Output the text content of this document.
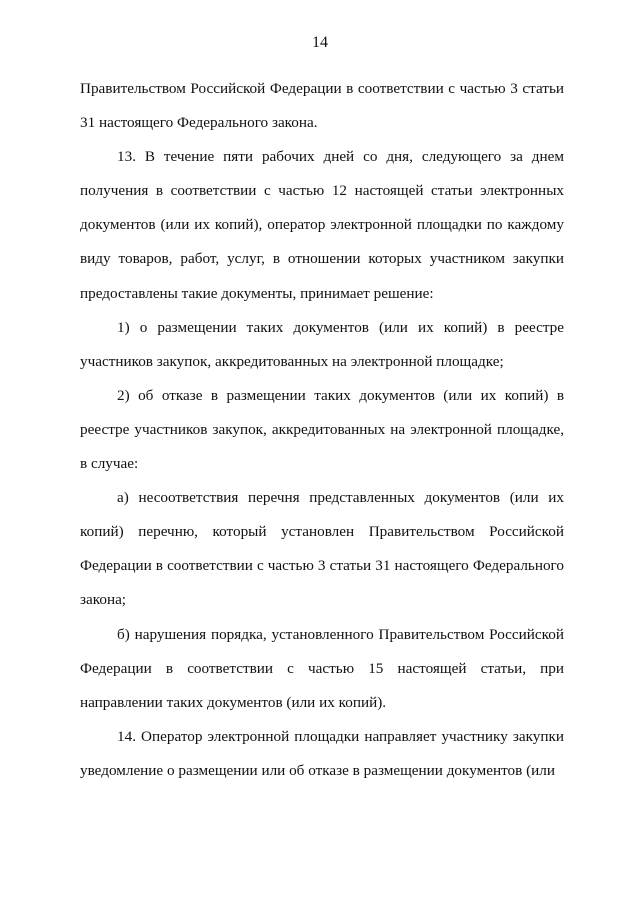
14

Правительством Российской Федерации в соответствии с частью 3 статьи 31 настоящего Федерального закона.

13. В течение пяти рабочих дней со дня, следующего за днем получения в соответствии с частью 12 настоящей статьи электронных документов (или их копий), оператор электронной площадки по каждому виду товаров, работ, услуг, в отношении которых участником закупки предоставлены такие документы, принимает решение:

1) о размещении таких документов (или их копий) в реестре участников закупок, аккредитованных на электронной площадке;

2) об отказе в размещении таких документов (или их копий) в реестре участников закупок, аккредитованных на электронной площадке, в случае:

а) несоответствия перечня представленных документов (или их копий) перечню, который установлен Правительством Российской Федерации в соответствии с частью 3 статьи 31 настоящего Федерального закона;

б) нарушения порядка, установленного Правительством Российской Федерации в соответствии с частью 15 настоящей статьи, при направлении таких документов (или их копий).

14. Оператор электронной площадки направляет участнику закупки уведомление о размещении или об отказе в размещении документов (или
